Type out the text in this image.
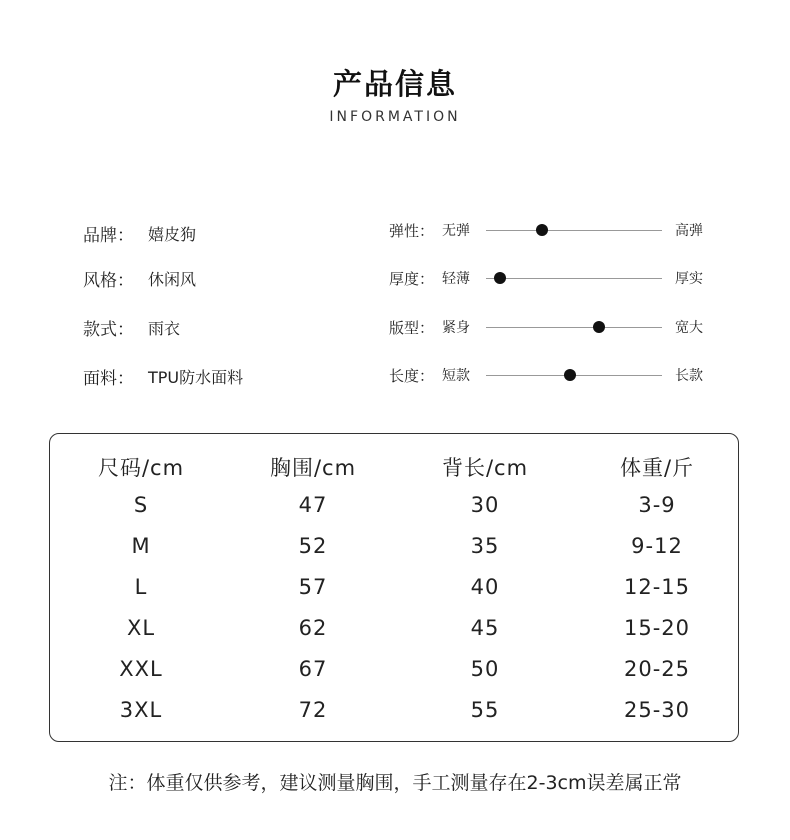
产品信息
INFORMATION
品牌： 嬉皮狗
风格： 休闲风
款式： 雨衣
面料： TPU防水面料
弹性： 无弹	高弹
厚度： 轻薄	厚实
版型： 紧身	宽大
长度： 短款	长款
尺码/cm	胸围/cm	背长/cm	体重/斤
S	47	30	3-9
M	52	35	9-12
L	57	40	12-15
XL	62	45	15-20
XXL	67	50	20-25
3XL	72	55	25-30
注：体重仅供参考，建议测量胸围，手工测量存在2-3cm误差属正常
